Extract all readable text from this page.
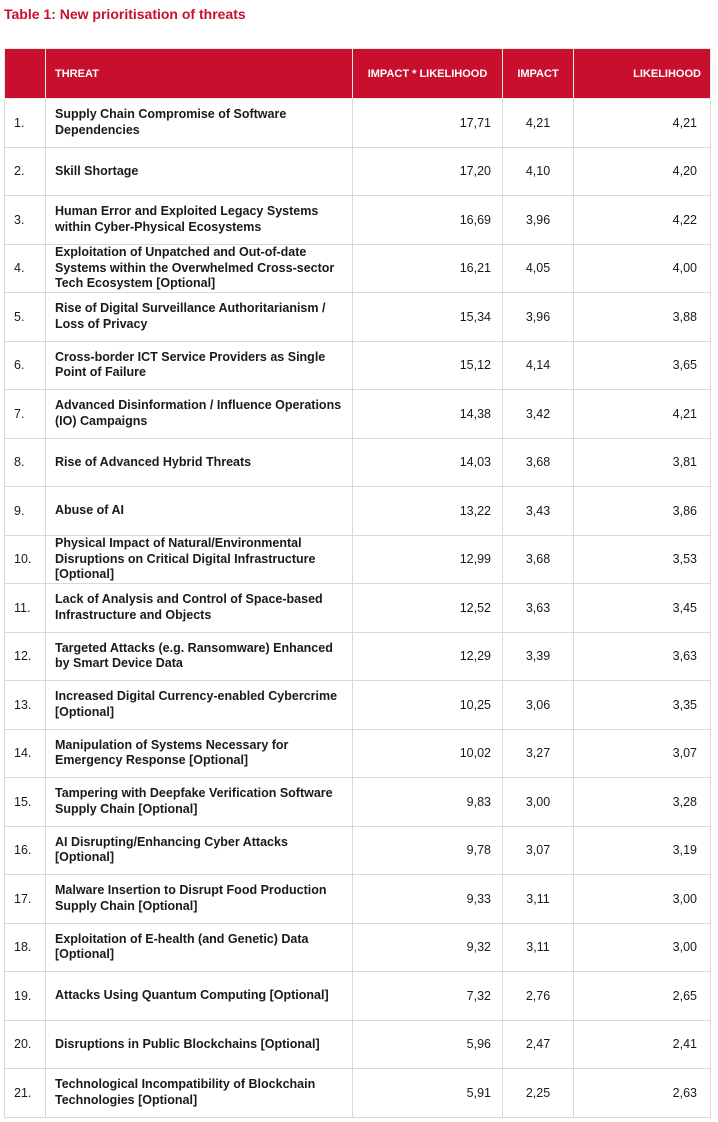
Table 1: New prioritisation of threats
	THREAT	IMPACT * LIKELIHOOD	IMPACT	LIKELIHOOD
1.	Supply Chain Compromise of Software Dependencies	17,71	4,21	4,21
2.	Skill Shortage	17,20	4,10	4,20
3.	Human Error and Exploited Legacy Systems within Cyber-Physical Ecosystems	16,69	3,96	4,22
4.	Exploitation of Unpatched and Out-of-date Systems within the Overwhelmed Cross-sector Tech Ecosystem [Optional]	16,21	4,05	4,00
5.	Rise of Digital Surveillance Authoritarianism / Loss of Privacy	15,34	3,96	3,88
6.	Cross-border ICT Service Providers as Single Point of Failure	15,12	4,14	3,65
7.	Advanced Disinformation / Influence Operations (IO) Campaigns	14,38	3,42	4,21
8.	Rise of Advanced Hybrid Threats	14,03	3,68	3,81
9.	Abuse of AI	13,22	3,43	3,86
10.	Physical Impact of Natural/Environmental Disruptions on Critical Digital Infrastructure [Optional]	12,99	3,68	3,53
11.	Lack of Analysis and Control of Space-based Infrastructure and Objects	12,52	3,63	3,45
12.	Targeted Attacks (e.g. Ransomware) Enhanced by Smart Device Data	12,29	3,39	3,63
13.	Increased Digital Currency-enabled Cybercrime [Optional]	10,25	3,06	3,35
14.	Manipulation of Systems Necessary for Emergency Response [Optional]	10,02	3,27	3,07
15.	Tampering with Deepfake Verification Software Supply Chain [Optional]	9,83	3,00	3,28
16.	AI Disrupting/Enhancing Cyber Attacks [Optional]	9,78	3,07	3,19
17.	Malware Insertion to Disrupt Food Production Supply Chain [Optional]	9,33	3,11	3,00
18.	Exploitation of E-health (and Genetic) Data [Optional]	9,32	3,11	3,00
19.	Attacks Using Quantum Computing [Optional]	7,32	2,76	2,65
20.	Disruptions in Public Blockchains [Optional]	5,96	2,47	2,41
21.	Technological Incompatibility of Blockchain Technologies [Optional]	5,91	2,25	2,63
